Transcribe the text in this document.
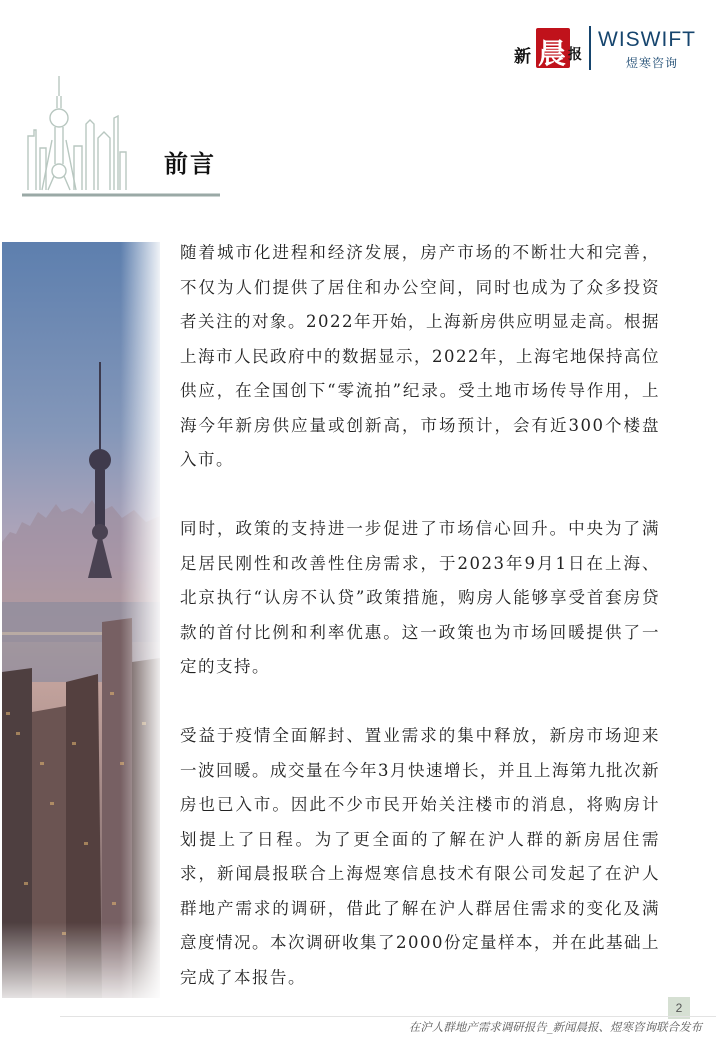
新 晨 报
WISWIFT
煜寒咨询
前言

随着城市化进程和经济发展，房产市场的不断壮大和完善，不仅为人们提供了居住和办公空间，同时也成为了众多投资者关注的对象。2022年开始，上海新房供应明显走高。根据上海市人民政府中的数据显示，2022年，上海宅地保持高位供应，在全国创下“零流拍”纪录。受土地市场传导作用，上海今年新房供应量或创新高，市场预计，会有近300个楼盘入市。

同时，政策的支持进一步促进了市场信心回升。中央为了满足居民刚性和改善性住房需求，于2023年9月1日在上海、北京执行“认房不认贷”政策措施，购房人能够享受首套房贷款的首付比例和利率优惠。这一政策也为市场回暖提供了一定的支持。

受益于疫情全面解封、置业需求的集中释放，新房市场迎来一波回暖。成交量在今年3月快速增长，并且上海第九批次新房也已入市。因此不少市民开始关注楼市的消息，将购房计划提上了日程。为了更全面的了解在沪人群的新房居住需求，新闻晨报联合上海煜寒信息技术有限公司发起了在沪人群地产需求的调研，借此了解在沪人群居住需求的变化及满意度情况。本次调研收集了2000份定量样本，并在此基础上完成了本报告。

2
在沪人群地产需求调研报告_新闻晨报、煜寒咨询联合发布
